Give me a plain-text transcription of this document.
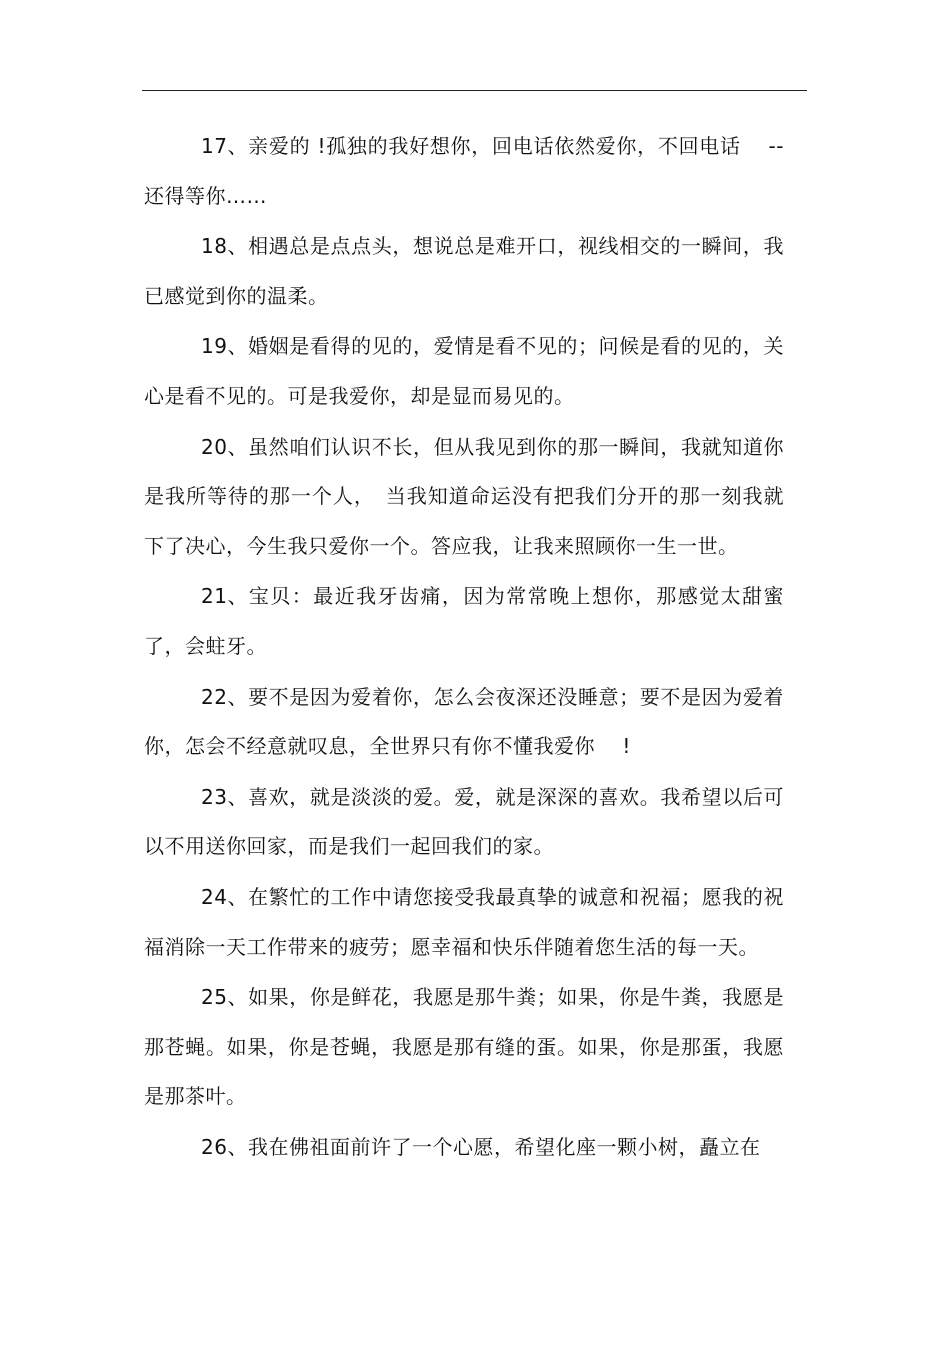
17、亲爱的 !孤独的我好想你，回电话依然爱你，不回电话　 --还得等你……

18、相遇总是点点头，想说总是难开口，视线相交的一瞬间，我已感觉到你的温柔。

19、婚姻是看得的见的，爱情是看不见的；问候是看的见的，关心是看不见的。可是我爱你，却是显而易见的。

20、虽然咱们认识不长，但从我见到你的那一瞬间，我就知道你是我所等待的那一个人，　当我知道命运没有把我们分开的那一刻我就下了决心，今生我只爱你一个。答应我，让我来照顾你一生一世。

21、宝贝：最近我牙齿痛，因为常常晚上想你，那感觉太甜蜜了，会蛀牙。

22、要不是因为爱着你，怎么会夜深还没睡意；要不是因为爱着你，怎会不经意就叹息，全世界只有你不懂我爱你　 !

23、喜欢，就是淡淡的爱。爱，就是深深的喜欢。我希望以后可以不用送你回家，而是我们一起回我们的家。

24、在繁忙的工作中请您接受我最真挚的诚意和祝福；愿我的祝福消除一天工作带来的疲劳；愿幸福和快乐伴随着您生活的每一天。

25、如果，你是鲜花，我愿是那牛粪；如果，你是牛粪，我愿是那苍蝇。如果，你是苍蝇，我愿是那有缝的蛋。如果，你是那蛋，我愿是那茶叶。

26、我在佛祖面前许了一个心愿，希望化座一颗小树，矗立在
